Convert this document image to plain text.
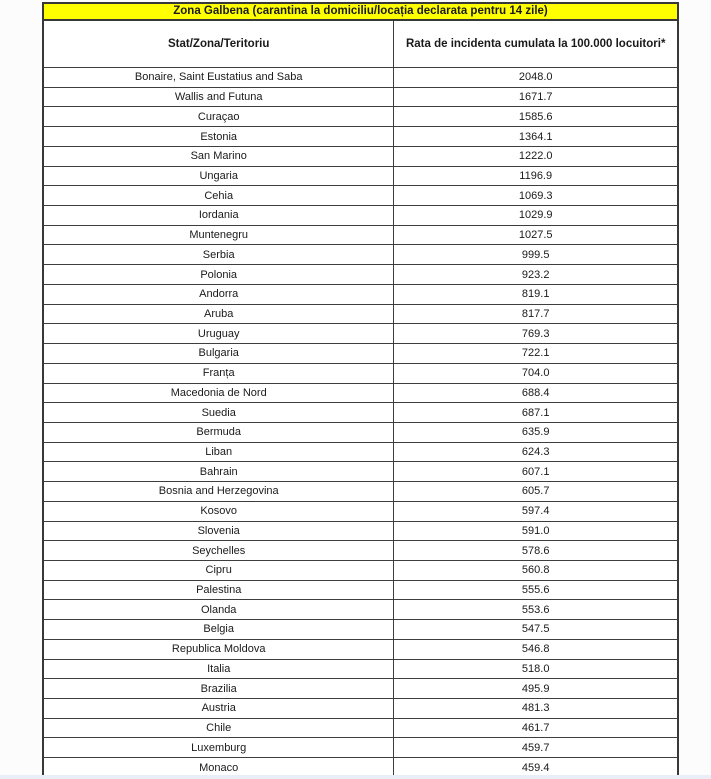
Zona Galbena (carantina la domiciliu/locația declarata pentru 14 zile)
Stat/Zona/Teritoriu	Rata de incidenta cumulata la 100.000 locuitori*
Bonaire, Saint Eustatius and Saba	2048.0
Wallis and Futuna	1671.7
Curaçao	1585.6
Estonia	1364.1
San Marino	1222.0
Ungaria	1196.9
Cehia	1069.3
Iordania	1029.9
Muntenegru	1027.5
Serbia	999.5
Polonia	923.2
Andorra	819.1
Aruba	817.7
Uruguay	769.3
Bulgaria	722.1
Franța	704.0
Macedonia de Nord	688.4
Suedia	687.1
Bermuda	635.9
Liban	624.3
Bahrain	607.1
Bosnia and Herzegovina	605.7
Kosovo	597.4
Slovenia	591.0
Seychelles	578.6
Cipru	560.8
Palestina	555.6
Olanda	553.6
Belgia	547.5
Republica Moldova	546.8
Italia	518.0
Brazilia	495.9
Austria	481.3
Chile	461.7
Luxemburg	459.7
Monaco	459.4
